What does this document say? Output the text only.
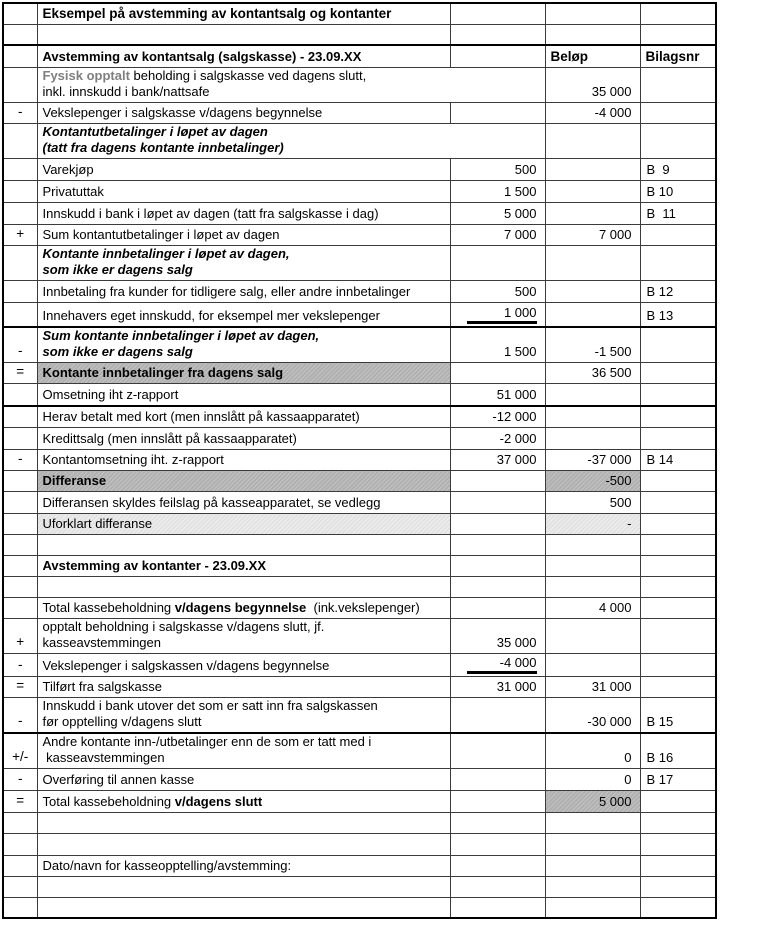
	Eksempel på avstemming av kontantsalg og kontanter			

	Avstemming av kontantsalg (salgskasse) - 23.09.XX		Beløp	Bilagsnr
	Fysisk opptalt beholding i salgskasse ved dagens slutt,
inkl. innskudd i bank/nattsafe		35 000	
-	Vekslepenger i salgskasse v/dagens begynnelse		-4 000	
	Kontantutbetalinger i løpet av dagen
(tatt fra dagens kontante innbetalinger)			
	Varekjøp	500		B  9
	Privatuttak	1 500		B 10
	Innskudd i bank i løpet av dagen (tatt fra salgskasse i dag)	5 000		B  11
+	Sum kontantutbetalinger i løpet av dagen	7 000	7 000	
	Kontante innbetalinger i løpet av dagen,
som ikke er dagens salg			
	Innbetaling fra kunder for tidligere salg, eller andre innbetalinger	500		B 12
	Innehavers eget innskudd, for eksempel mer vekslepenger	1 000		B 13
-	Sum kontante innbetalinger i løpet av dagen,
som ikke er dagens salg	1 500	-1 500	
=	Kontante innbetalinger fra dagens salg		36 500	
	Omsetning iht z-rapport	51 000		
	Herav betalt med kort (men innslått på kassaapparatet)	-12 000		
	Kredittsalg (men innslått på kassaapparatet)	-2 000		
-	Kontantomsetning iht. z-rapport	37 000	-37 000	B 14
	Differanse		-500	
	Differansen skyldes feilslag på kasseapparatet, se vedlegg		500	
	Uforklart differanse		-	

	Avstemming av kontanter - 23.09.XX			

	Total kassebeholdning v/dagens begynnelse  (ink.vekslepenger)		4 000	
+	opptalt beholdning i salgskasse v/dagens slutt, jf.
kasseavstemmingen	35 000		
-	Vekslepenger i salgskassen v/dagens begynnelse	-4 000		
=	Tilført fra salgskasse	31 000	31 000	
-	Innskudd i bank utover det som er satt inn fra salgskassen
før opptelling v/dagens slutt		-30 000	B 15
+/-	Andre kontante inn-/utbetalinger enn de som er tatt med i
kasseavstemmingen		0	B 16
-	Overføring til annen kasse		0	B 17
=	Total kassebeholdning v/dagens slutt		5 000	

	Dato/navn for kasseopptelling/avstemming:			
